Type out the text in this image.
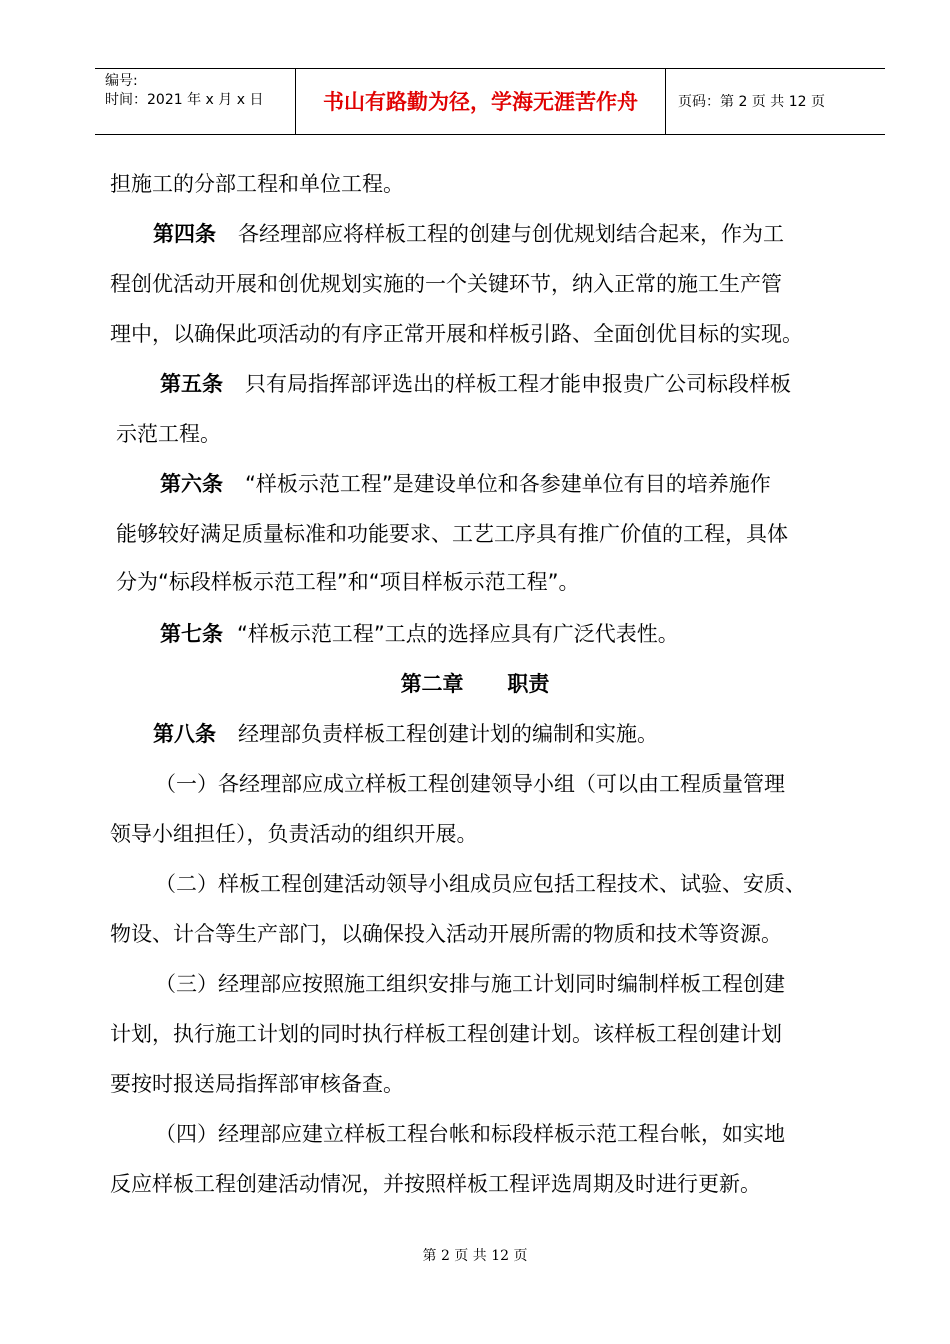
编号:
时间：2021 年 x 月 x 日	书山有路勤为径，学海无涯苦作舟	页码：第 2 页 共 12 页
担施工的分部工程和单位工程。
第四条 各经理部应将样板工程的创建与创优规划结合起来，作为工
程创优活动开展和创优规划实施的一个关键环节，纳入正常的施工生产管
理中，以确保此项活动的有序正常开展和样板引路、全面创优目标的实现。
第五条 只有局指挥部评选出的样板工程才能申报贵广公司标段样板
示范工程。
第六条 “样板示范工程”是建设单位和各参建单位有目的培养施作
能够较好满足质量标准和功能要求、工艺工序具有推广价值的工程，具体
分为“标段样板示范工程”和“项目样板示范工程”。
第七条 “样板示范工程”工点的选择应具有广泛代表性。
第二章      职责
第八条 经理部负责样板工程创建计划的编制和实施。
（一）各经理部应成立样板工程创建领导小组（可以由工程质量管理
领导小组担任），负责活动的组织开展。
（二）样板工程创建活动领导小组成员应包括工程技术、试验、安质、
物设、计合等生产部门，以确保投入活动开展所需的物质和技术等资源。
（三）经理部应按照施工组织安排与施工计划同时编制样板工程创建
计划，执行施工计划的同时执行样板工程创建计划。该样板工程创建计划
要按时报送局指挥部审核备查。
（四）经理部应建立样板工程台帐和标段样板示范工程台帐，如实地
反应样板工程创建活动情况，并按照样板工程评选周期及时进行更新。
第 2 页 共 12 页
